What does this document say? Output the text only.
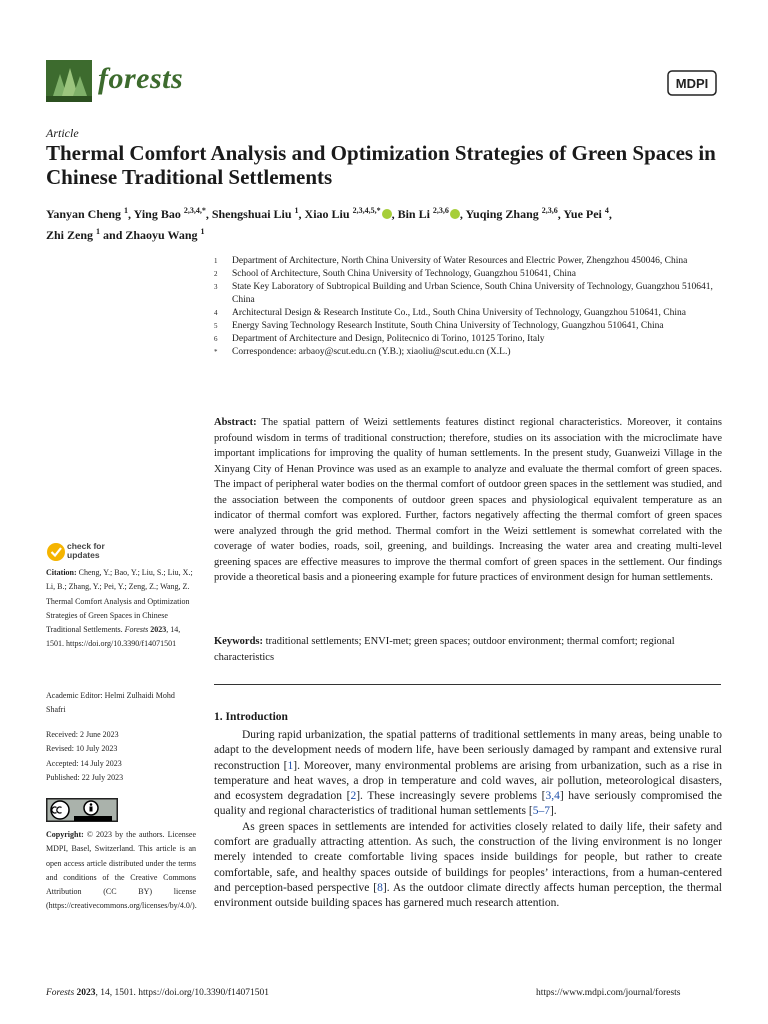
forests	MDPI
Article
Thermal Comfort Analysis and Optimization Strategies of Green Spaces in Chinese Traditional Settlements
Yanyan Cheng $^1$, Ying Bao $^{2,3,4,*}$, Shengshuai Liu $^1$, Xiao Liu $^{2,3,4,5,*}$ , Bin Li $^{2,3,6}$ , Yuqing Zhang $^{2,3,6}$, Yue Pei $^4$,
Zhi Zeng $^1$ and Zhaoyu Wang $^1$
1	Department of Architecture, North China University of Water Resources and Electric Power, Zhengzhou 450046, China
2	School of Architecture, South China University of Technology, Guangzhou 510641, China
3	State Key Laboratory of Subtropical Building and Urban Science, South China University of Technology, Guangzhou 510641, China
4	Architectural Design & Research Institute Co., Ltd., South China University of Technology, Guangzhou 510641, China
5	Energy Saving Technology Research Institute, South China University of Technology, Guangzhou 510641, China
6	Department of Architecture and Design, Politecnico di Torino, 10125 Torino, Italy
*	Correspondence: arbaoy@scut.edu.cn (Y.B.); xiaoliu@scut.edu.cn (X.L.)
Abstract: The spatial pattern of Weizi settlements features distinct regional characteristics. Moreover, it contains profound wisdom in terms of traditional construction; therefore, studies on its association with the microclimate have important implications for improving the quality of human settlements. In the present study, Guanweizi Village in the Xinyang City of Henan Province was used as an example to analyze and evaluate the thermal comfort of green spaces. The impact of peripheral water bodies on the thermal comfort of outdoor green spaces in the settlement was studied, and the association between the components of outdoor green spaces and physiological equivalent temperature as an indicator of thermal comfort was explored. Further, factors negatively affecting the thermal comfort of green spaces were analyzed through the grid method. Thermal comfort in the Weizi settlement is somewhat correlated with the coverage of water bodies, roads, soil, greening, and buildings. Increasing the water area and creating multi-level greening spaces are effective measures to improve the thermal comfort of green spaces in the settlement. Our findings provide a theoretical basis and a pioneering example for future practices of environment design for human settlements.
Keywords: traditional settlements; ENVI-met; green spaces; outdoor environment; thermal comfort; regional characteristics
check for updates
Citation: Cheng, Y.; Bao, Y.; Liu, S.; Liu, X.; Li, B.; Zhang, Y.; Pei, Y.; Zeng, Z.; Wang, Z. Thermal Comfort Analysis and Optimization Strategies of Green Spaces in Chinese Traditional Settlements. Forests 2023, 14, 1501. https://doi.org/10.3390/f14071501
Academic Editor: Helmi Zulhaidi Mohd Shafri
Received: 2 June 2023
Revised: 10 July 2023
Accepted: 14 July 2023
Published: 22 July 2023
Copyright: © 2023 by the authors. Licensee MDPI, Basel, Switzerland. This article is an open access article distributed under the terms and conditions of the Creative Commons Attribution (CC BY) license (https://creativecommons.org/licenses/by/4.0/).
1. Introduction

During rapid urbanization, the spatial patterns of traditional settlements in many areas, being unable to adapt to the development needs of modern life, have been seriously damaged by rampant and extensive rural reconstruction [1]. Moreover, many environmental problems are arising from urbanization, such as a rise in temperature and heat waves, a drop in temperature and cold waves, air pollution, meteorological disasters, and ecosystem degradation [2]. These increasingly severe problems [3,4] have seriously compromised the quality and regional characteristics of traditional human settlements [5–7].

As green spaces in settlements are intended for activities closely related to daily life, their safety and comfort are gradually attracting attention. As such, the construction of the living environment is no longer merely intended to create comfortable living spaces inside buildings for people, but rather to create comfortable, safe, and healthy spaces outside of buildings for peoples’ interactions, from a human-centered and perception-based perspective [8]. As the outdoor climate directly affects human perception, the thermal environment outside building spaces has garnered much research attention.

Forests 2023, 14, 1501. https://doi.org/10.3390/f14071501	https://www.mdpi.com/journal/forests
